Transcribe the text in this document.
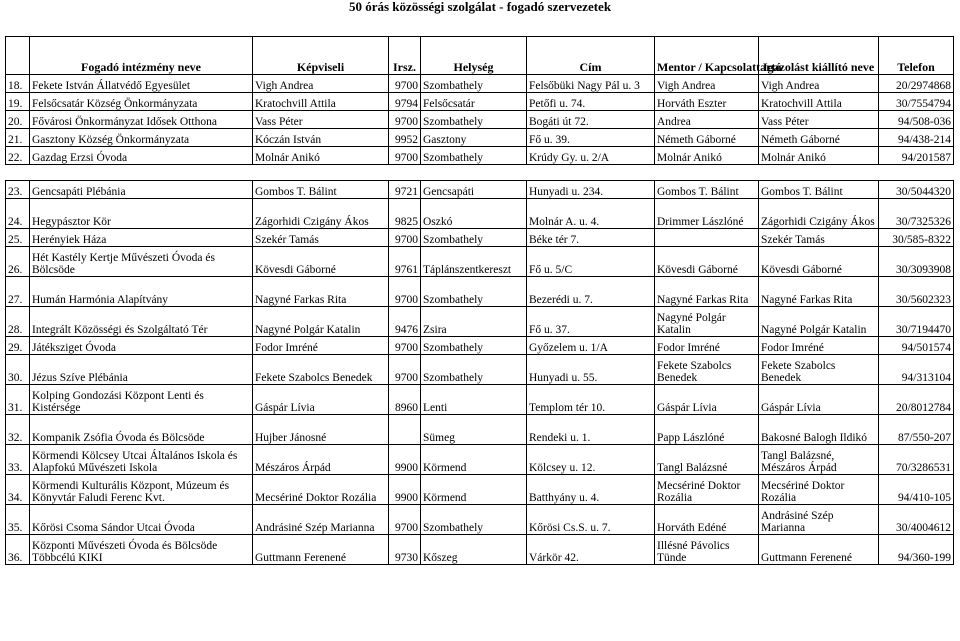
50 órás közösségi szolgálat - fogadó szervezetek
	Fogadó intézmény neve	Képviseli	Irsz.	Helység	Cím	Mentor / Kapcsolattartó	Igazolást kiállító neve	Telefon
18.	Fekete István Állatvédő Egyesület	Vigh Andrea	9700	Szombathely	Felsőbüki Nagy Pál u. 3	Vigh Andrea	Vigh Andrea	20/2974868
19.	Felsőcsatár Község Önkormányzata	Kratochvill Attila	9794	Felsőcsatár	Petőfi u. 74.	Horváth Eszter	Kratochvill Attila	30/7554794
20.	Fővárosi Önkormányzat Idősek Otthona	Vass Péter	9700	Szombathely	Bogáti út 72.	Andrea	Vass Péter	94/508-036
21.	Gasztony Község Önkormányzata	Kóczán István	9952	Gasztony	Fő u. 39.	Németh Gáborné	Németh Gáborné	94/438-214
22.	Gazdag Erzsi Óvoda	Molnár Anikó	9700	Szombathely	Krúdy Gy. u. 2/A	Molnár Anikó	Molnár Anikó	94/201587

23.	Gencsapáti Plébánia	Gombos T. Bálint	9721	Gencsapáti	Hunyadi u. 234.	Gombos T. Bálint	Gombos T. Bálint	30/5044320
24.	Hegypásztor Kör	Zágorhidi Czigány Ákos	9825	Oszkó	Molnár A. u. 4.	Drimmer Lászlóné	Zágorhidi Czigány Ákos	30/7325326
25.	Herényiek Háza	Szekér Tamás	9700	Szombathely	Béke tér 7.		Szekér Tamás	30/585-8322
26.	Hét Kastély Kertje Művészeti Óvoda és Bölcsöde	Kövesdi Gáborné	9761	Táplánszentkereszt	Fő u. 5/C	Kövesdi Gáborné	Kövesdi Gáborné	30/3093908
27.	Humán Harmónia Alapítvány	Nagyné Farkas Rita	9700	Szombathely	Bezerédi u. 7.	Nagyné Farkas Rita	Nagyné Farkas Rita	30/5602323
28.	Integrált Közösségi és Szolgáltató Tér	Nagyné Polgár Katalin	9476	Zsira	Fő u. 37.	Nagyné Polgár Katalin	Nagyné Polgár Katalin	30/7194470
29.	Játéksziget Óvoda	Fodor Imréné	9700	Szombathely	Győzelem u. 1/A	Fodor Imréné	Fodor Imréné	94/501574
30.	Jézus Szíve Plébánia	Fekete Szabolcs Benedek	9700	Szombathely	Hunyadi u. 55.	Fekete Szabolcs Benedek	Fekete Szabolcs Benedek	94/313104
31.	Kolping Gondozási Központ Lenti és Kistérsége	Gáspár Lívia	8960	Lenti	Templom tér 10.	Gáspár Lívia	Gáspár Lívia	20/8012784
32.	Kompanik Zsófia Óvoda és Bölcsöde	Hujber Jánosné		Sümeg	Rendeki u. 1.	Papp Lászlóné	Bakosné Balogh Ildikó	87/550-207
33.	Körmendi Kölcsey Utcai Általános Iskola és Alapfokú Művészeti Iskola	Mészáros Árpád	9900	Körmend	Kölcsey u. 12.	Tangl Balázsné	Tangl Balázsné, Mészáros Árpád	70/3286531
34.	Körmendi Kulturális Központ, Múzeum és Könyvtár Faludi Ferenc Kvt.	Mecsériné Doktor Rozália	9900	Körmend	Batthyány u. 4.	Mecsériné Doktor Rozália	Mecsériné Doktor Rozália	94/410-105
35.	Kőrösi Csoma Sándor Utcai Óvoda	Andrásiné Szép Marianna	9700	Szombathely	Kőrösi Cs.S. u. 7.	Horváth Edéné	Andrásiné Szép Marianna	30/4004612
36.	Központi Művészeti Óvoda és Bölcsöde Többcélú KIKI	Guttmann Ferenené	9730	Kőszeg	Várkör 42.	Illésné Pávolics Tünde	Guttmann Ferenené	94/360-199
